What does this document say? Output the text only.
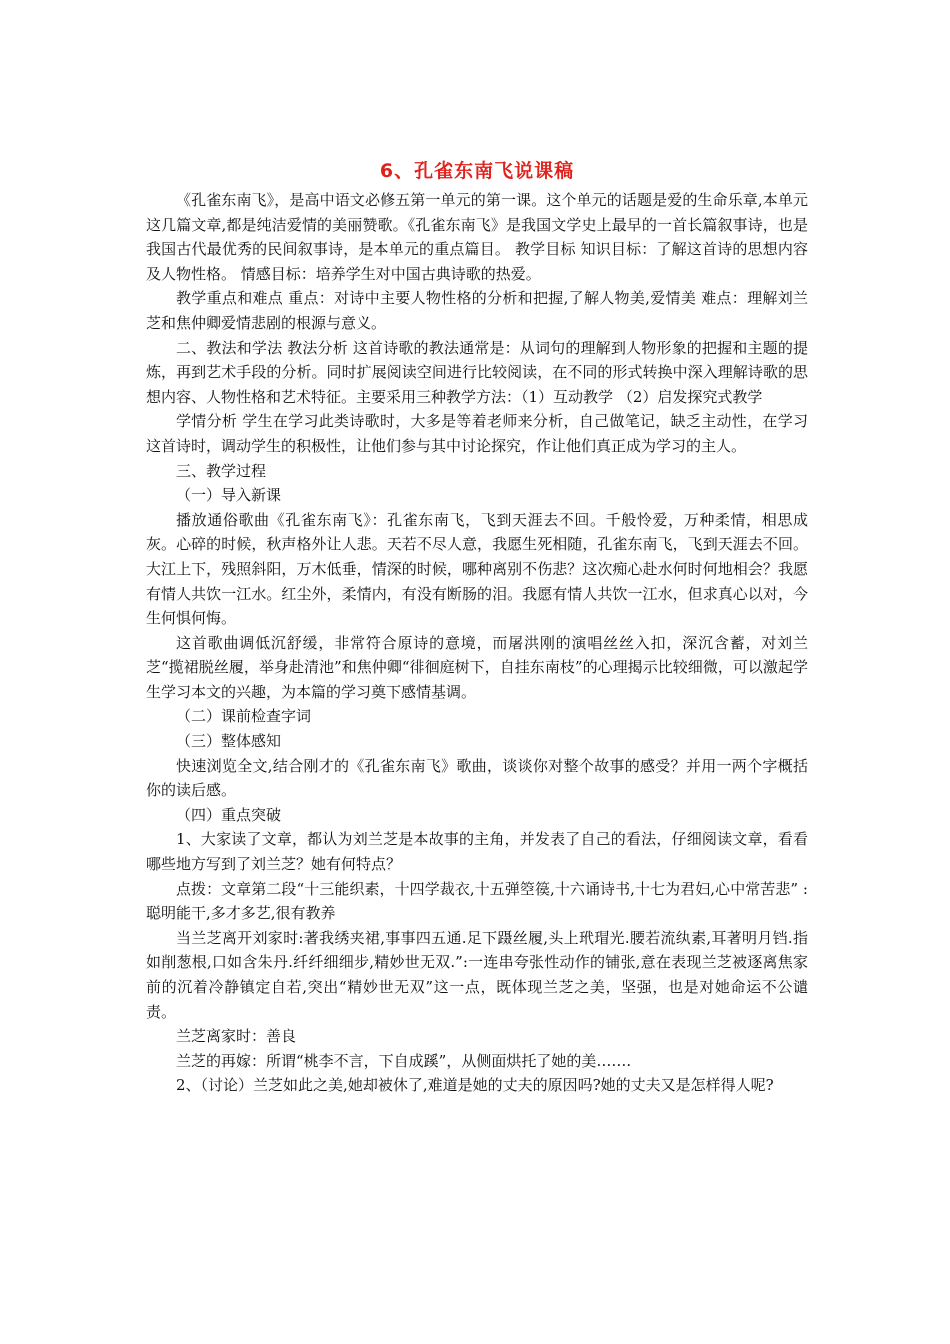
6、孔雀东南飞说课稿

《孔雀东南飞》，是高中语文必修五第一单元的第一课。这个单元的话题是爱的生命乐章,本单元这几篇文章,都是纯洁爱情的美丽赞歌。《孔雀东南飞》是我国文学史上最早的一首长篇叙事诗，也是我国古代最优秀的民间叙事诗，是本单元的重点篇目。 教学目标 知识目标：了解这首诗的思想内容及人物性格。 情感目标：培养学生对中国古典诗歌的热爱。

教学重点和难点 重点：对诗中主要人物性格的分析和把握,了解人物美,爱情美 难点：理解刘兰芝和焦仲卿爱情悲剧的根源与意义。

二、教法和学法 教法分析 这首诗歌的教法通常是：从词句的理解到人物形象的把握和主题的提炼，再到艺术手段的分析。同时扩展阅读空间进行比较阅读，在不同的形式转换中深入理解诗歌的思想内容、人物性格和艺术特征。主要采用三种教学方法：（1）互动教学 （2）启发探究式教学

学情分析 学生在学习此类诗歌时，大多是等着老师来分析，自己做笔记，缺乏主动性，在学习这首诗时，调动学生的积极性，让他们参与其中讨论探究，作让他们真正成为学习的主人。

三、教学过程

（一）导入新课

播放通俗歌曲《孔雀东南飞》：孔雀东南飞，飞到天涯去不回。千般怜爱，万种柔情，相思成灰。心碎的时候，秋声格外让人悲。天若不尽人意，我愿生死相随，孔雀东南飞，飞到天涯去不回。大江上下，残照斜阳，万木低垂，情深的时候，哪种离别不伤悲？这次痴心赴水何时何地相会？我愿有情人共饮一江水。红尘外，柔情内，有没有断肠的泪。我愿有情人共饮一江水，但求真心以对，今生何惧何悔。

这首歌曲调低沉舒缓，非常符合原诗的意境，而屠洪刚的演唱丝丝入扣，深沉含蓄，对刘兰芝“揽裙脱丝履，举身赴清池”和焦仲卿“徘徊庭树下，自挂东南枝”的心理揭示比较细微，可以激起学生学习本文的兴趣，为本篇的学习奠下感情基调。

（二）课前检查字词

（三）整体感知

快速浏览全文,结合刚才的《孔雀东南飞》歌曲，谈谈你对整个故事的感受？并用一两个字概括你的读后感。

（四）重点突破

1、大家读了文章，都认为刘兰芝是本故事的主角，并发表了自己的看法，仔细阅读文章，看看哪些地方写到了刘兰芝？她有何特点？

点拨：文章第二段“十三能织素，十四学裁衣,十五弹箜篌,十六诵诗书,十七为君妇,心中常苦悲” :聪明能干,多才多艺,很有教养

当兰芝离开刘家时:著我绣夹裙,事事四五通.足下蹑丝履,头上玳瑁光.腰若流纨素,耳著明月铛.指如削葱根,口如含朱丹.纤纤细细步,精妙世无双.”:一连串夸张性动作的铺张,意在表现兰芝被逐离焦家前的沉着冷静镇定自若,突出“精妙世无双”这一点，既体现兰芝之美，坚强，也是对她命运不公谴责。

兰芝离家时：善良

兰芝的再嫁：所谓“桃李不言，下自成蹊”，从侧面烘托了她的美…….

2、（讨论）兰芝如此之美,她却被休了,难道是她的丈夫的原因吗?她的丈夫又是怎样得人呢?
